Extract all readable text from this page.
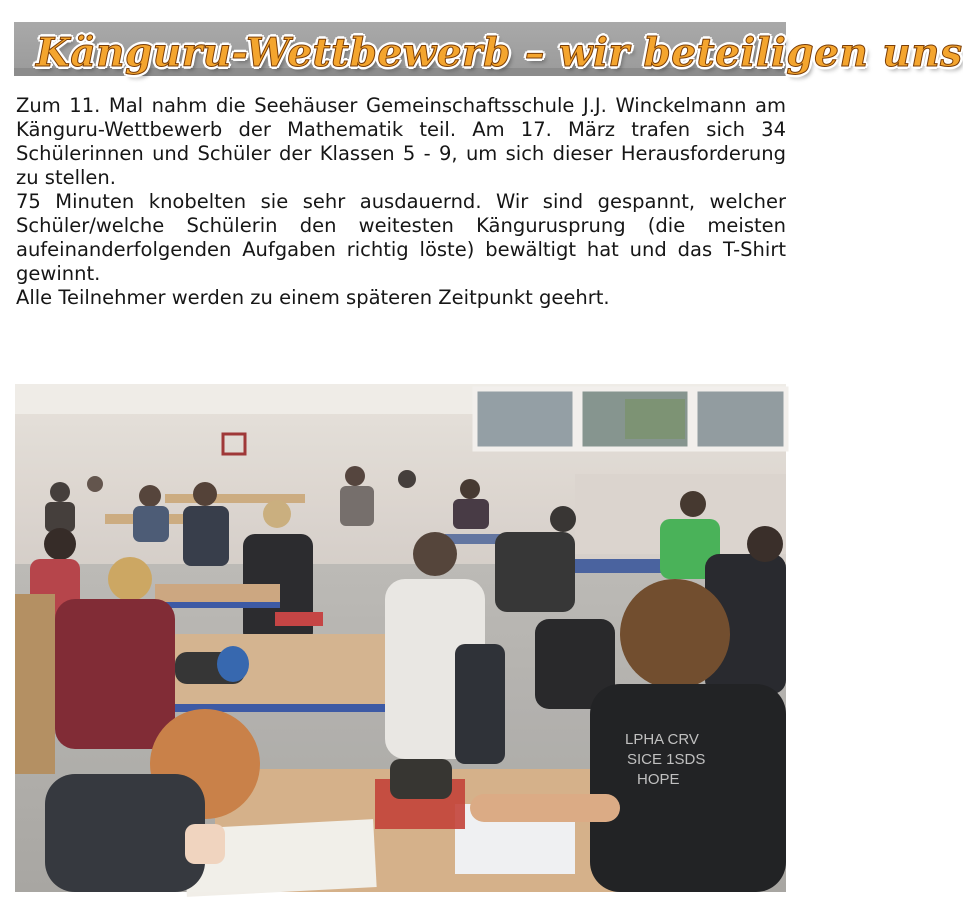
Känguru-Wettbewerb – wir beteiligen uns

Zum 11. Mal nahm die Seehäuser Gemeinschaftsschule J.J. Winckelmann am Känguru-Wettbewerb der Mathematik teil. Am 17. März trafen sich 34 Schülerinnen und Schüler der Klassen 5 - 9, um sich dieser Herausforderung zu stellen.

75 Minuten knobelten sie sehr ausdauernd. Wir sind gespannt, welcher Schüler/welche Schülerin den weitesten Kängurusprung (die meisten aufeinanderfolgenden Aufgaben richtig löste) bewältigt hat und das T-Shirt gewinnt.

Alle Teilnehmer werden zu einem späteren Zeitpunkt geehrt.

LPHA CRV
SICE 1SDS
HOPE
